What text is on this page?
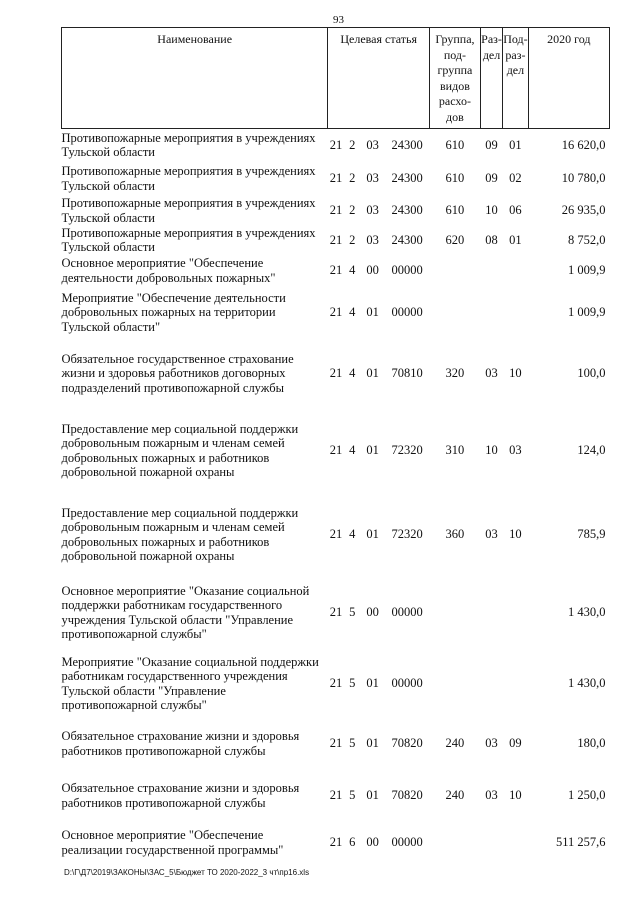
93
Наименование	Целевая статья				Группа, под- группа видов расхо- дов	Раз- дел	Под- раз- дел	2020 год
Противопожарные мероприятия в учреждениях Тульской области	21	2	03	24300	610	09	01	16 620,0
Противопожарные мероприятия в учреждениях Тульской области	21	2	03	24300	610	09	02	10 780,0
Противопожарные мероприятия в учреждениях Тульской области	21	2	03	24300	610	10	06	26 935,0
Противопожарные мероприятия в учреждениях Тульской области	21	2	03	24300	620	08	01	8 752,0
Основное мероприятие "Обеспечение деятельности добровольных пожарных"	21	4	00	00000				1 009,9
Мероприятие "Обеспечение деятельности добровольных пожарных на территории Тульской области"	21	4	01	00000				1 009,9
Обязательное государственное страхование жизни и здоровья работников договорных подразделений противопожарной службы	21	4	01	70810	320	03	10	100,0
Предоставление мер социальной поддержки добровольным пожарным и членам семей добровольных пожарных и работников добровольной пожарной охраны	21	4	01	72320	310	10	03	124,0
Предоставление мер социальной поддержки добровольным пожарным и членам семей добровольных пожарных и работников добровольной пожарной охраны	21	4	01	72320	360	03	10	785,9
Основное мероприятие "Оказание социальной поддержки работникам государственного учреждения Тульской области "Управление противопожарной службы"	21	5	00	00000				1 430,0
Мероприятие "Оказание социальной поддержки работникам государственного учреждения Тульской области "Управление противопожарной службы"	21	5	01	00000				1 430,0
Обязательное страхование жизни и здоровья работников противопожарной службы	21	5	01	70820	240	03	09	180,0
Обязательное страхование жизни и здоровья работников противопожарной службы	21	5	01	70820	240	03	10	1 250,0
Основное мероприятие "Обеспечение реализации государственной программы"	21	6	00	00000				511 257,6
D:\Г\Д7\2019\ЗАКОНЫ\ЗАС_5\Бюджет ТО 2020-2022_3 чт\пр16.xls
